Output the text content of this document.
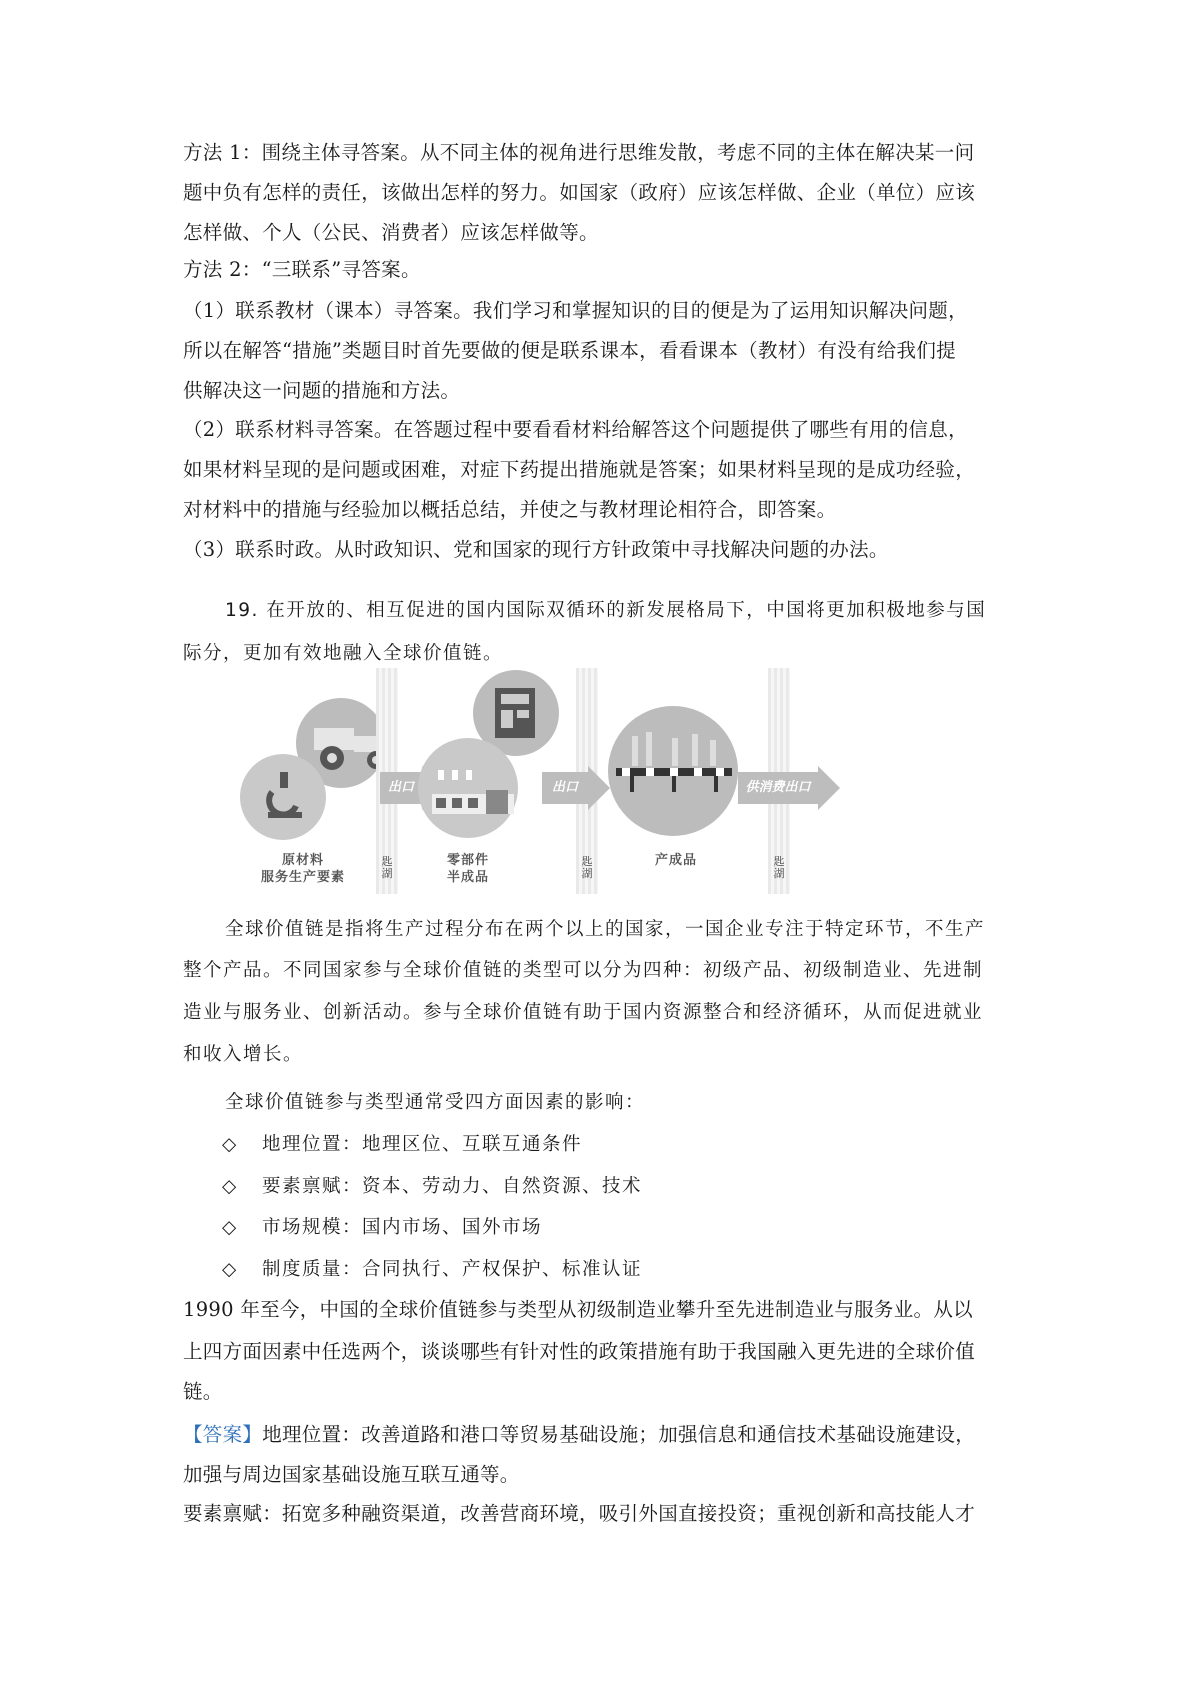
方法 1：围绕主体寻答案。从不同主体的视角进行思维发散，考虑不同的主体在解决某一问
题中负有怎样的责任，该做出怎样的努力。如国家（政府）应该怎样做、企业（单位）应该
怎样做、个人（公民、消费者）应该怎样做等。
方法 2：“三联系”寻答案。
（1）联系教材（课本）寻答案。我们学习和掌握知识的目的便是为了运用知识解决问题，
所以在解答“措施”类题目时首先要做的便是联系课本，看看课本（教材）有没有给我们提
供解决这一问题的措施和方法。
（2）联系材料寻答案。在答题过程中要看看材料给解答这个问题提供了哪些有用的信息，
如果材料呈现的是问题或困难，对症下药提出措施就是答案；如果材料呈现的是成功经验，
对材料中的措施与经验加以概括总结，并使之与教材理论相符合，即答案。
（3）联系时政。从时政知识、党和国家的现行方针政策中寻找解决问题的办法。
19. 在开放的、相互促进的国内国际双循环的新发展格局下，中国将更加积极地参与国
际分，更加有效地融入全球价值链。
原材料
服务生产要素
匙湖
出口
零部件
半成品
匙湖
出口
产成品	匙湖
供消费出口
全球价值链是指将生产过程分布在两个以上的国家，一国企业专注于特定环节，不生产
整个产品。不同国家参与全球价值链的类型可以分为四种：初级产品、初级制造业、先进制
造业与服务业、创新活动。参与全球价值链有助于国内资源整合和经济循环，从而促进就业
和收入增长。
全球价值链参与类型通常受四方面因素的影响：
◇ 地理位置：地理区位、互联互通条件
◇ 要素禀赋：资本、劳动力、自然资源、技术
◇ 市场规模：国内市场、国外市场
◇ 制度质量：合同执行、产权保护、标准认证
1990 年至今，中国的全球价值链参与类型从初级制造业攀升至先进制造业与服务业。从以
上四方面因素中任选两个，谈谈哪些有针对性的政策措施有助于我国融入更先进的全球价值
链。
【答案】地理位置：改善道路和港口等贸易基础设施；加强信息和通信技术基础设施建设，
加强与周边国家基础设施互联互通等。
要素禀赋：拓宽多种融资渠道，改善营商环境，吸引外国直接投资；重视创新和高技能人才
